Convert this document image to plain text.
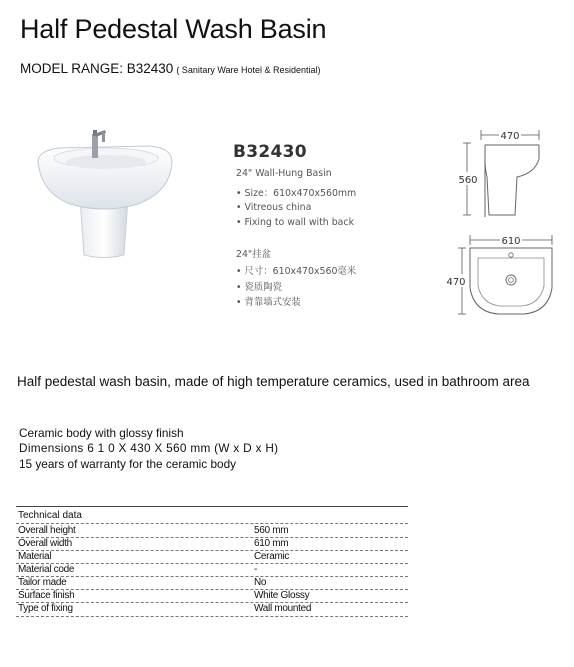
Half Pedestal Wash Basin
MODEL RANGE: B32430 ( Sanitary Ware Hotel & Residential)
B32430
24" Wall-Hung Basin
• Size：610x470x560mm
• Vitreous china
• Fixing to wall with back
24"挂盆
• 尺寸：610x470x560毫米
• 瓷质陶瓷
• 背靠墙式安装
470
560
610
470
Half pedestal wash basin, made of high temperature ceramics, used in bathroom area
Ceramic body with glossy finish
Dimensions 6 1 0 X 430 X 560 mm (W x D x H)
15 years of warranty for the ceramic body
Technical data
Overall height	560 mm
Overall width	610 mm
Material	Ceramic
Material code	-
Tailor made	No
Surface finish	White Glossy
Type of fixing	Wall mounted
